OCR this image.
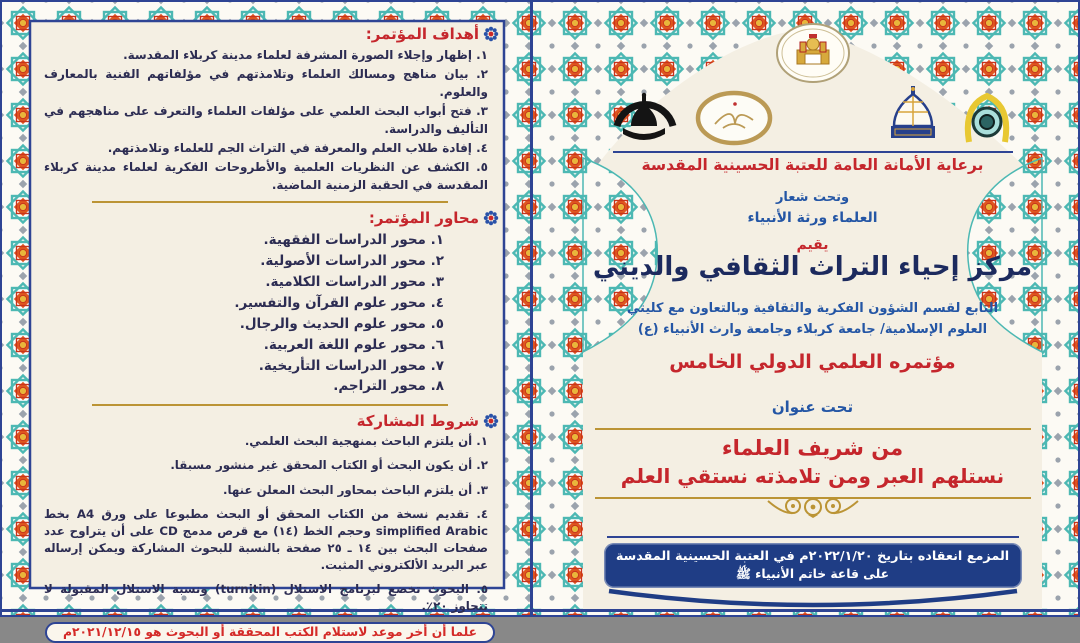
أهداف المؤتمر:
١. إظهار وإجلاء الصورة المشرفة لعلماء مدينة كربلاء المقدسة.
٢. بيان مناهج ومسالك العلماء وتلامذتهم في مؤلفاتهم الفنية بالمعارف والعلوم.
٣. فتح أبواب البحث العلمي على مؤلفات العلماء والتعرف على مناهجهم في التأليف والدراسة.
٤. إفادة طلاب العلم والمعرفة في التراث الجم للعلماء وتلامذتهم.
٥. الكشف عن النظريات العلمية والأطروحات الفكرية لعلماء مدينة كربلاء المقدسة في الحقبة الزمنية الماضية.
محاور المؤتمر:
١. محور الدراسات الفقهية.
٢. محور الدراسات الأصولية.
٣. محور الدراسات الكلامية.
٤. محور علوم القرآن والتفسير.
٥. محور علوم الحديث والرجال.
٦. محور علوم اللغة العربية.
٧. محور الدراسات التأريخية.
٨. محور التراجم.
شروط المشاركة
١. أن يلتزم الباحث بمنهجية البحث العلمي.
٢. أن يكون البحث أو الكتاب المحقق غير منشور مسبقا.
٣. أن يلتزم الباحث بمحاور البحث المعلن عنها.
٤. تقديم نسخة من الكتاب المحقق أو البحث مطبوعا على ورق A4 بخط simplified Arabic وحجم الخط (١٤) مع قرص مدمج CD على أن يتراوح عدد صفحات البحث بين ١٤ ـ ٢٥ صفحة بالنسبة للبحوث المشاركة ويمكن إرساله عبر البريد الألكتروني المثبت.
٥. البحوث تخضع لبرنامج الاستلال (turnitin) ونسبة الاستلال المقبولة لا تتجاوز ٢٠٪.
علما أن أخر موعد لاستلام الكتب المحققة أو البحوث هو ٢٠٢١/١٢/١٥م
برعاية الأمانة العامة للعتبة الحسينية المقدسة
وتحت شعار
العلماء ورثة الأنبياء
يقيم
مركز إحياء التراث الثقافي والديني
التابع لقسم الشؤون الفكرية والثقافية وبالتعاون مع كليتي
العلوم الإسلامية/ جامعة كربلاء وجامعة وارث الأنبياء (ع)
مؤتمره العلمي الدولي الخامس
تحت عنوان
من شريف العلماء
نستلهم العبر ومن تلامذته نستقي العلم
المزمع انعقاده بتاريخ ٢٠٢٢/١/٢٠م في العتبة الحسينية المقدسة
على قاعة خاتم الأنبياء ﷺ
